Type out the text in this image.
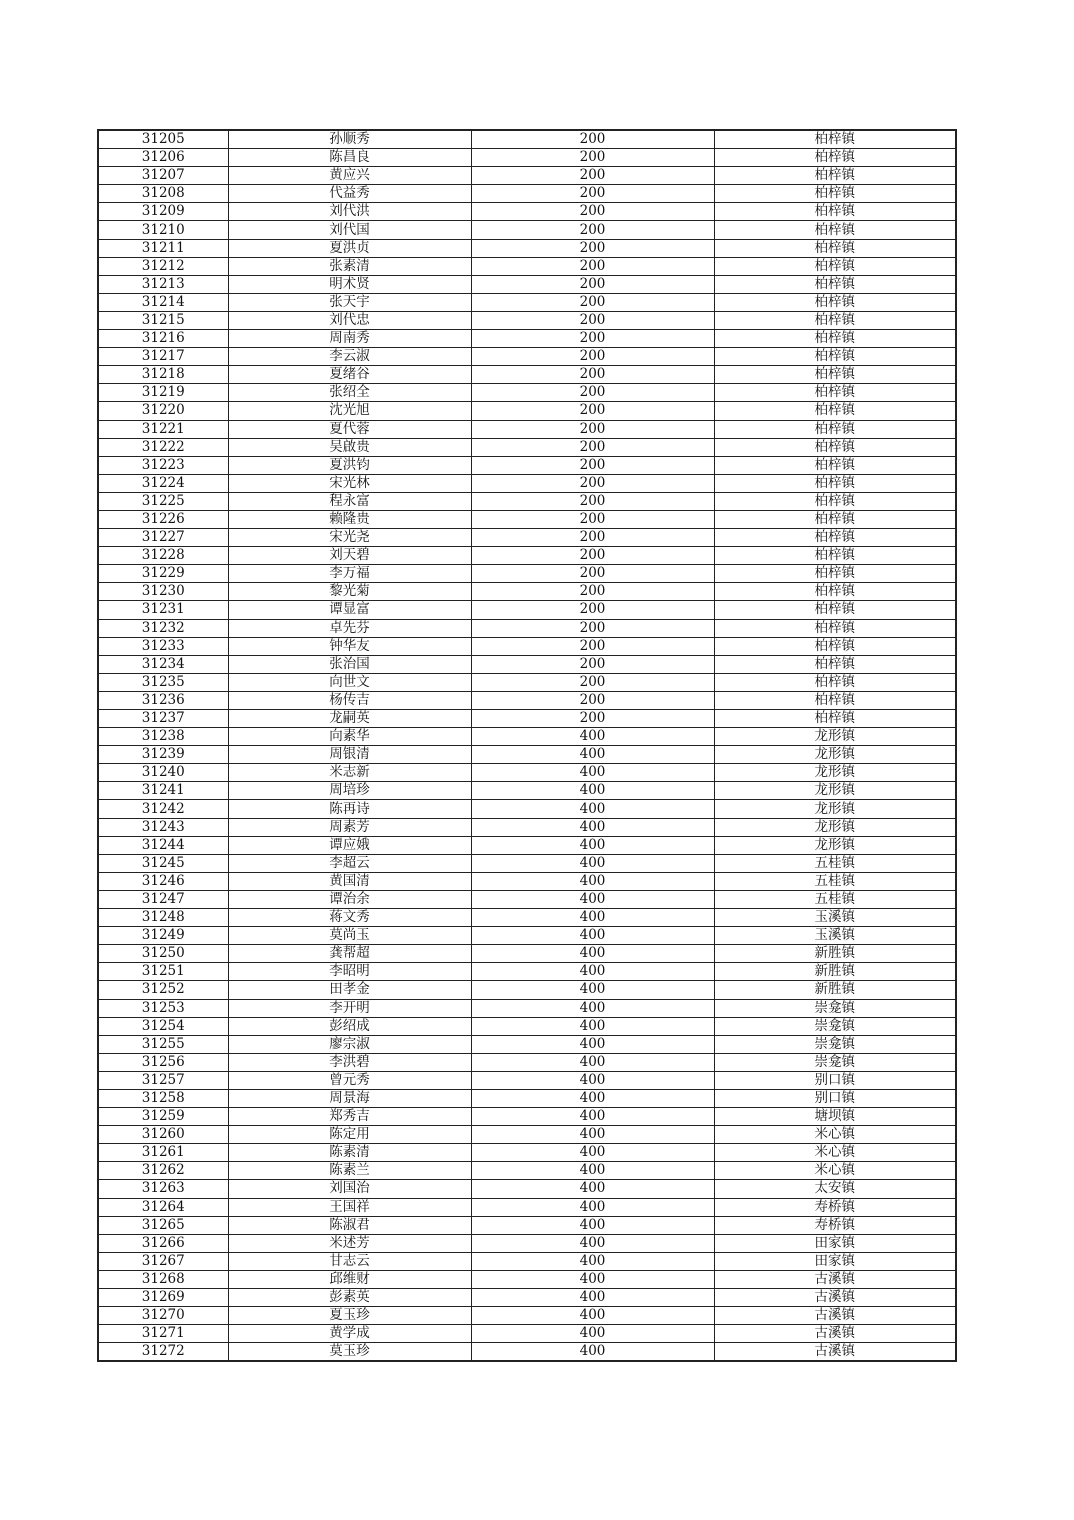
31205	孙顺秀	200	柏梓镇
31206	陈昌良	200	柏梓镇
31207	黄应兴	200	柏梓镇
31208	代益秀	200	柏梓镇
31209	刘代洪	200	柏梓镇
31210	刘代国	200	柏梓镇
31211	夏洪贞	200	柏梓镇
31212	张素清	200	柏梓镇
31213	明术贤	200	柏梓镇
31214	张天宇	200	柏梓镇
31215	刘代忠	200	柏梓镇
31216	周南秀	200	柏梓镇
31217	李云淑	200	柏梓镇
31218	夏绪谷	200	柏梓镇
31219	张绍全	200	柏梓镇
31220	沈光旭	200	柏梓镇
31221	夏代蓉	200	柏梓镇
31222	吴啟贵	200	柏梓镇
31223	夏洪钧	200	柏梓镇
31224	宋光林	200	柏梓镇
31225	程永富	200	柏梓镇
31226	赖隆贵	200	柏梓镇
31227	宋光尧	200	柏梓镇
31228	刘天碧	200	柏梓镇
31229	李万福	200	柏梓镇
31230	黎光菊	200	柏梓镇
31231	谭显富	200	柏梓镇
31232	卓先芬	200	柏梓镇
31233	钟华友	200	柏梓镇
31234	张治国	200	柏梓镇
31235	向世文	200	柏梓镇
31236	杨传吉	200	柏梓镇
31237	龙嗣英	200	柏梓镇
31238	向素华	400	龙形镇
31239	周银清	400	龙形镇
31240	米志新	400	龙形镇
31241	周培珍	400	龙形镇
31242	陈再诗	400	龙形镇
31243	周素芳	400	龙形镇
31244	谭应娥	400	龙形镇
31245	李超云	400	五桂镇
31246	黄国清	400	五桂镇
31247	谭治余	400	五桂镇
31248	蒋文秀	400	玉溪镇
31249	莫尚玉	400	玉溪镇
31250	龚帮超	400	新胜镇
31251	李昭明	400	新胜镇
31252	田孝金	400	新胜镇
31253	李开明	400	崇龛镇
31254	彭绍成	400	崇龛镇
31255	廖宗淑	400	崇龛镇
31256	李洪碧	400	崇龛镇
31257	曾元秀	400	别口镇
31258	周景海	400	别口镇
31259	郑秀吉	400	塘坝镇
31260	陈定用	400	米心镇
31261	陈素清	400	米心镇
31262	陈素兰	400	米心镇
31263	刘国治	400	太安镇
31264	王国祥	400	寿桥镇
31265	陈淑君	400	寿桥镇
31266	米述芳	400	田家镇
31267	甘志云	400	田家镇
31268	邱维财	400	古溪镇
31269	彭素英	400	古溪镇
31270	夏玉珍	400	古溪镇
31271	黄学成	400	古溪镇
31272	莫玉珍	400	古溪镇
